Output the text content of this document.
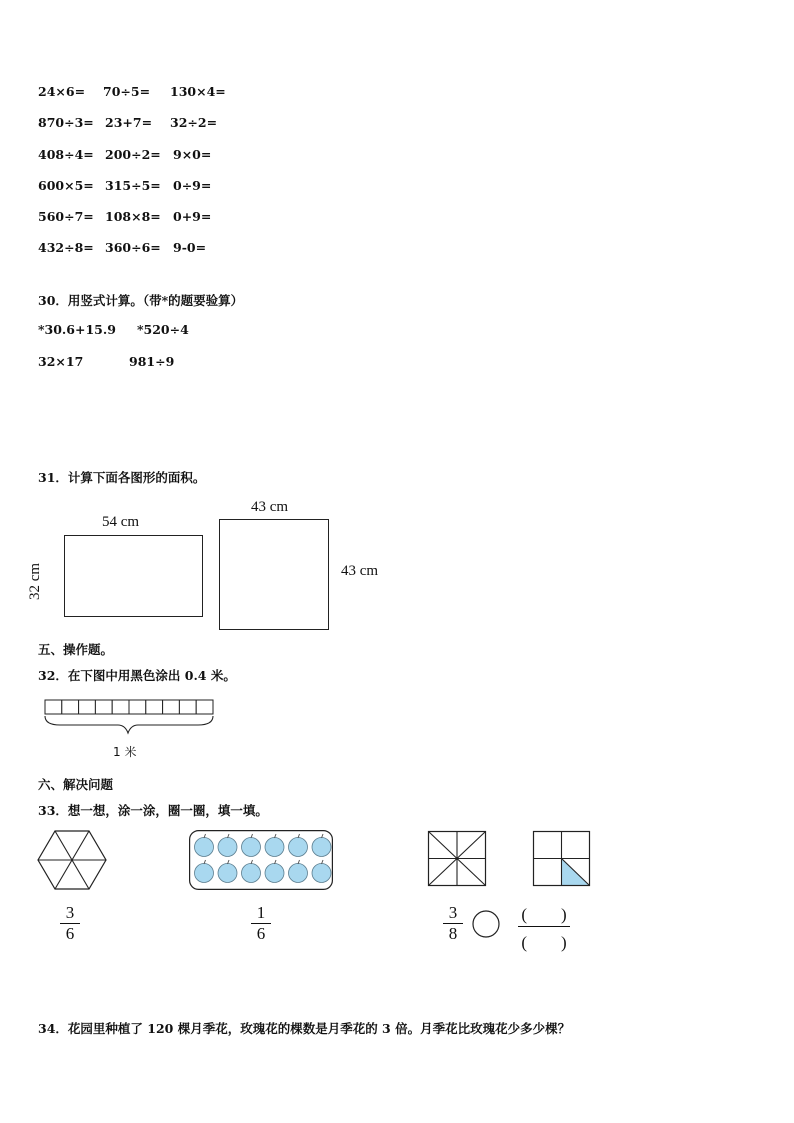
24×6= 70÷5= 130×4=
870÷3= 23+7= 32÷2=
408÷4= 200÷2= 9×0=
600×5= 315÷5= 0÷9=
560÷7= 108×8= 0+9=
432÷8= 360÷6= 9-0=
30．用竖式计算。（带*的题要验算）
*30.6+15.9 *520÷4
32×17	981÷9
31．计算下面各图形的面积。
54 cm
32 cm
43 cm
43 cm
五、操作题。
32．在下图中用黑色涂出 0.4 米。
1 米
六、解决问题
33．想一想，涂一涂，圈一圈，填一填。
3
6
1
6
3
8
(　　)
(　　)
34．花园里种植了 120 棵月季花，玫瑰花的棵数是月季花的 3 倍。月季花比玫瑰花少多少棵？
